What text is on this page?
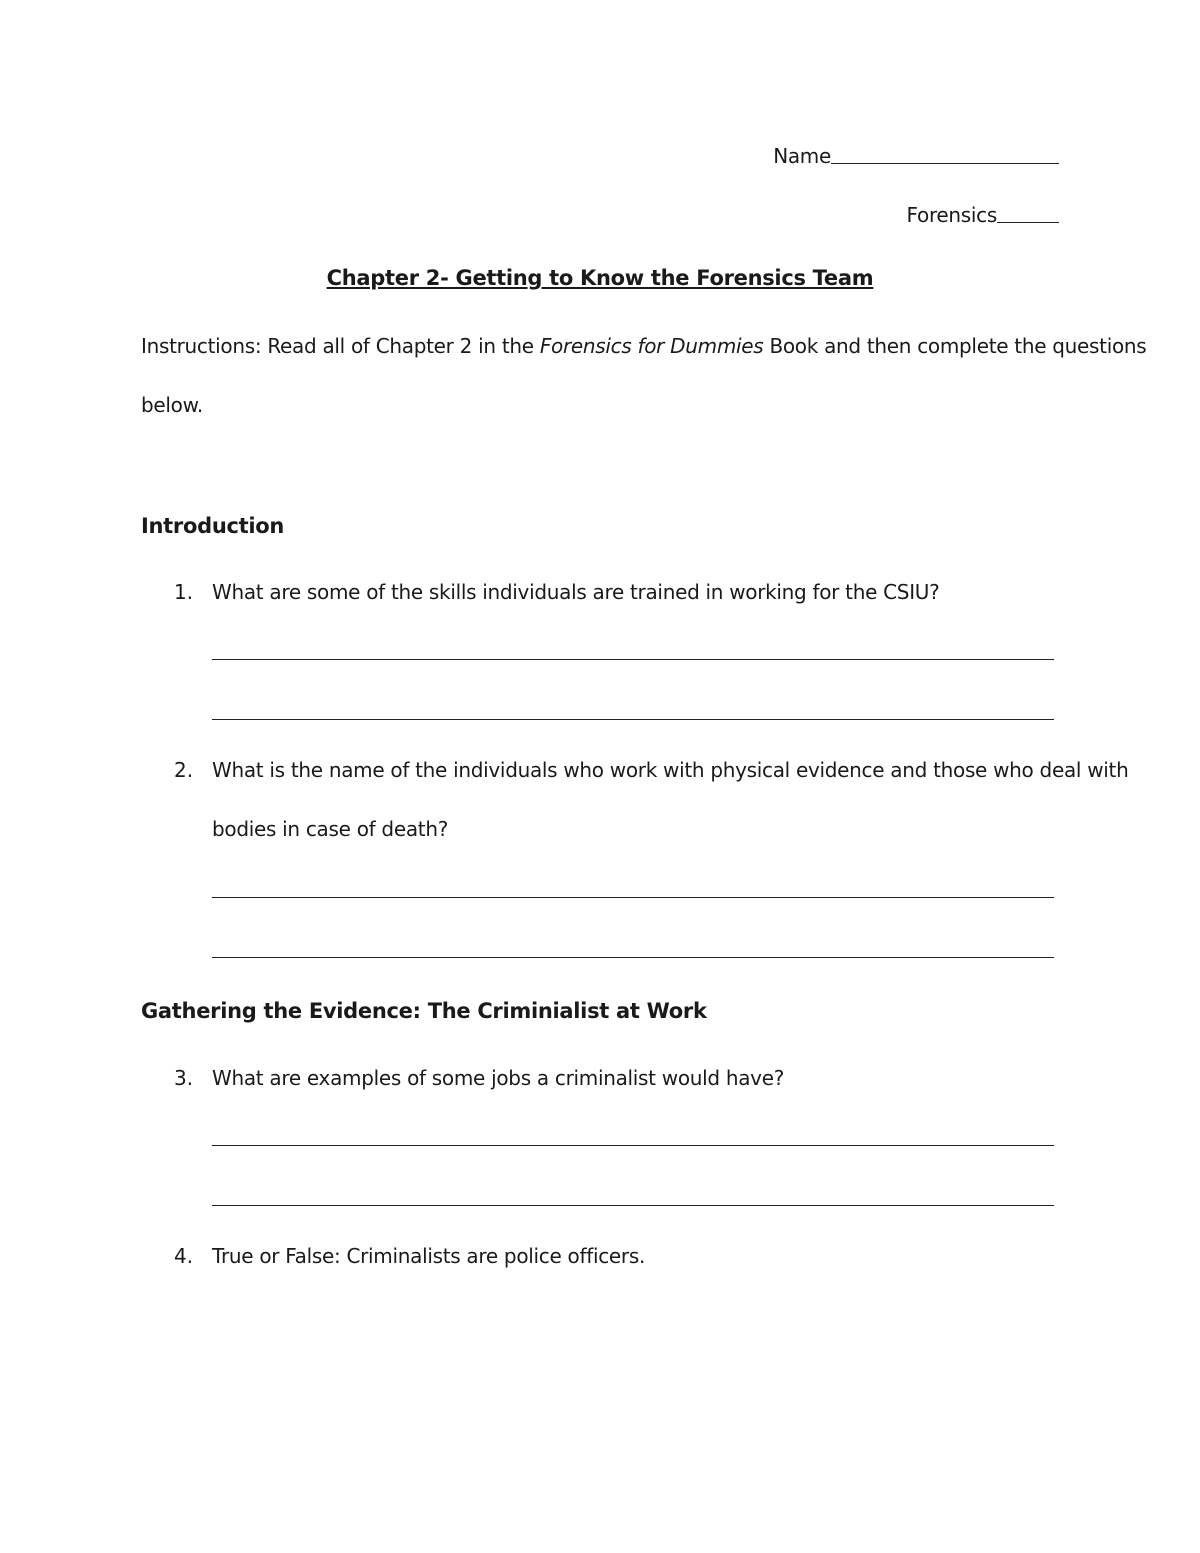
Name
Forensics
Chapter 2- Getting to Know the Forensics Team
Instructions: Read all of Chapter 2 in the Forensics for Dummies Book and then complete the questions
below.
Introduction
1. What are some of the skills individuals are trained in working for the CSIU?
2. What is the name of the individuals who work with physical evidence and those who deal with
bodies in case of death?
Gathering the Evidence: The Criminialist at Work
3. What are examples of some jobs a criminalist would have?
4. True or False: Criminalists are police officers.
